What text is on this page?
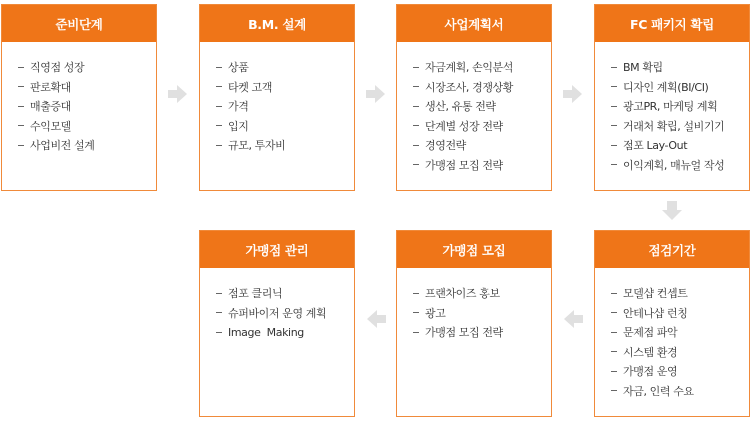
준비단계
직영점 성장
판로확대
매출증대
수익모델
사업비전 설계
B.M. 설계
상품
타켓 고객
가격
입지
규모, 투자비
사업계획서
자금계획, 손익분석
시장조사, 경쟁상황
생산, 유통 전략
단계별 성장 전략
경영전략
가맹점 모집 전략
FC 패키지 확립
BM 확립
디자인 계획(BI/CI)
광고PR, 마케팅 계획
거래처 확립, 설비기기
점포 Lay-Out
이익계획, 매뉴얼 작성
가맹점 관리
점포 클리닉
슈퍼바이저 운영 계획
Image  Making
가맹점 모집
프랜차이즈 홍보
광고
가맹점 모집 전략
점검기간
모델샵 컨셉트
안테나샵 런칭
문제점 파악
시스템 환경
가맹점 운영
자금, 인력 수요
